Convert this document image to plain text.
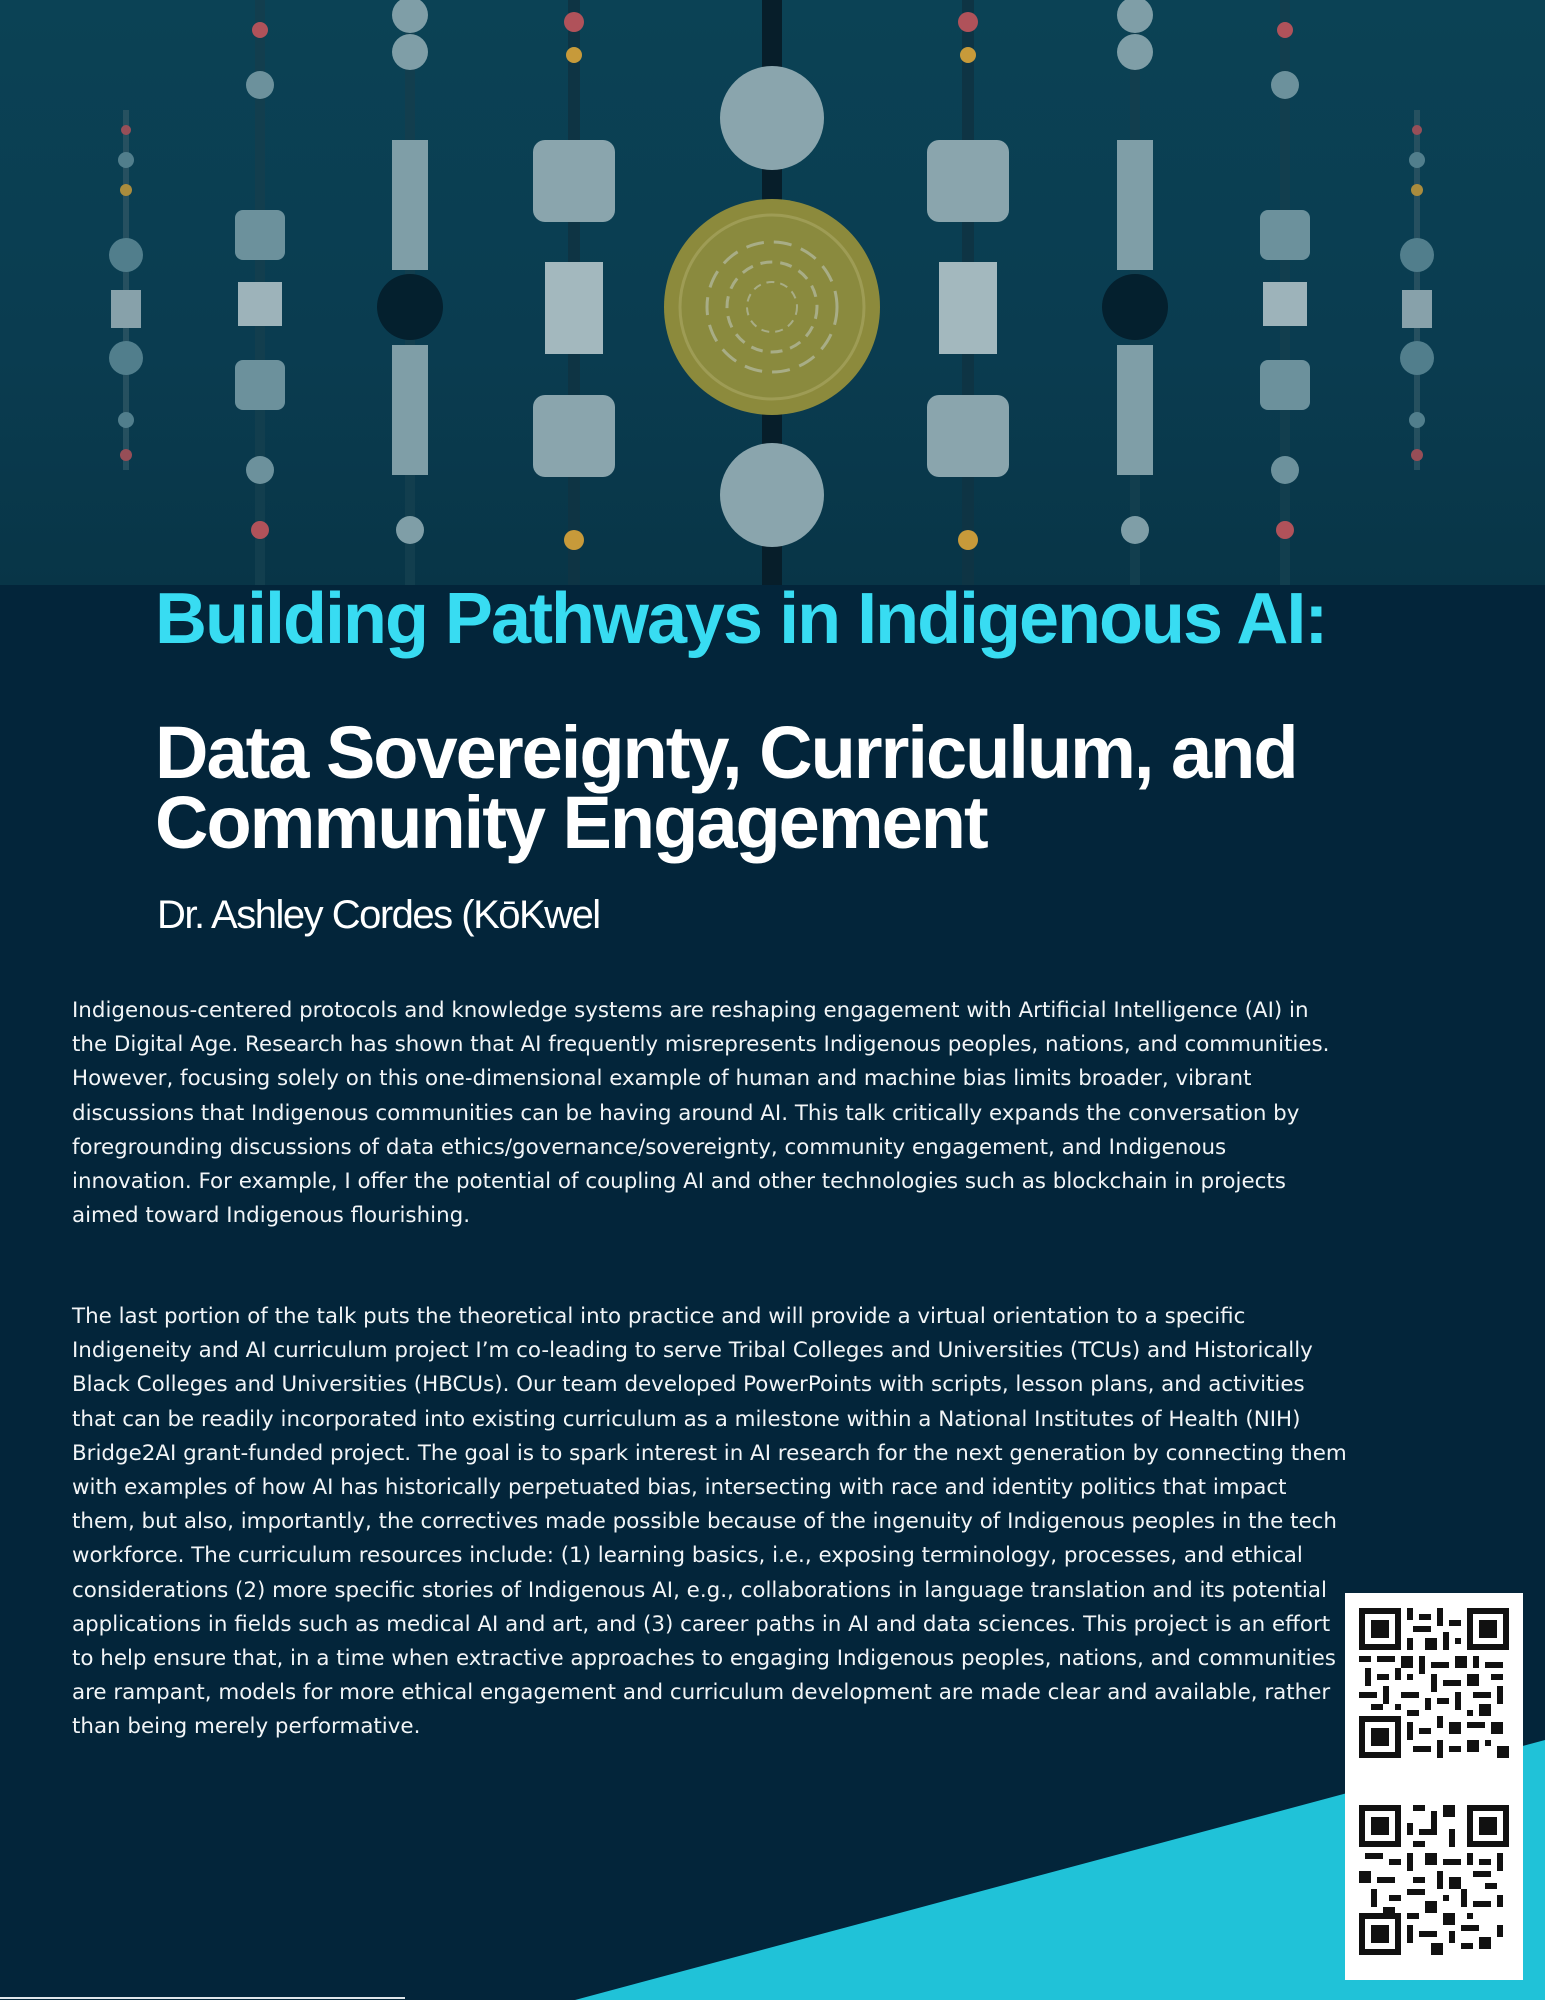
Building Pathways in Indigenous AI:
Data Sovereignty, Curriculum, and Community Engagement
Dr. Ashley Cordes (KōKwel

Indigenous-centered protocols and knowledge systems are reshaping engagement with Artificial Intelligence (AI) in the Digital Age. Research has shown that AI frequently misrepresents Indigenous peoples, nations, and communities. However, focusing solely on this one-dimensional example of human and machine bias limits broader, vibrant discussions that Indigenous communities can be having around AI. This talk critically expands the conversation by foregrounding discussions of data ethics/governance/sovereignty, community engagement, and Indigenous innovation. For example, I offer the potential of coupling AI and other technologies such as blockchain in projects aimed toward Indigenous flourishing.

The last portion of the talk puts the theoretical into practice and will provide a virtual orientation to a specific Indigeneity and AI curriculum project I’m co-leading to serve Tribal Colleges and Universities (TCUs) and Historically Black Colleges and Universities (HBCUs). Our team developed PowerPoints with scripts, lesson plans, and activities that can be readily incorporated into existing curriculum as a milestone within a National Institutes of Health (NIH) Bridge2AI grant-funded project. The goal is to spark interest in AI research for the next generation by connecting them with examples of how AI has historically perpetuated bias, intersecting with race and identity politics that impact them, but also, importantly, the correctives made possible because of the ingenuity of Indigenous peoples in the tech workforce. The curriculum resources include: (1) learning basics, i.e., exposing terminology, processes, and ethical considerations (2) more specific stories of Indigenous AI, e.g., collaborations in language translation and its potential applications in fields such as medical AI and art, and (3) career paths in AI and data sciences. This project is an effort to help ensure that, in a time when extractive approaches to engaging Indigenous peoples, nations, and communities are rampant, models for more ethical engagement and curriculum development are made clear and available, rather than being merely performative.
